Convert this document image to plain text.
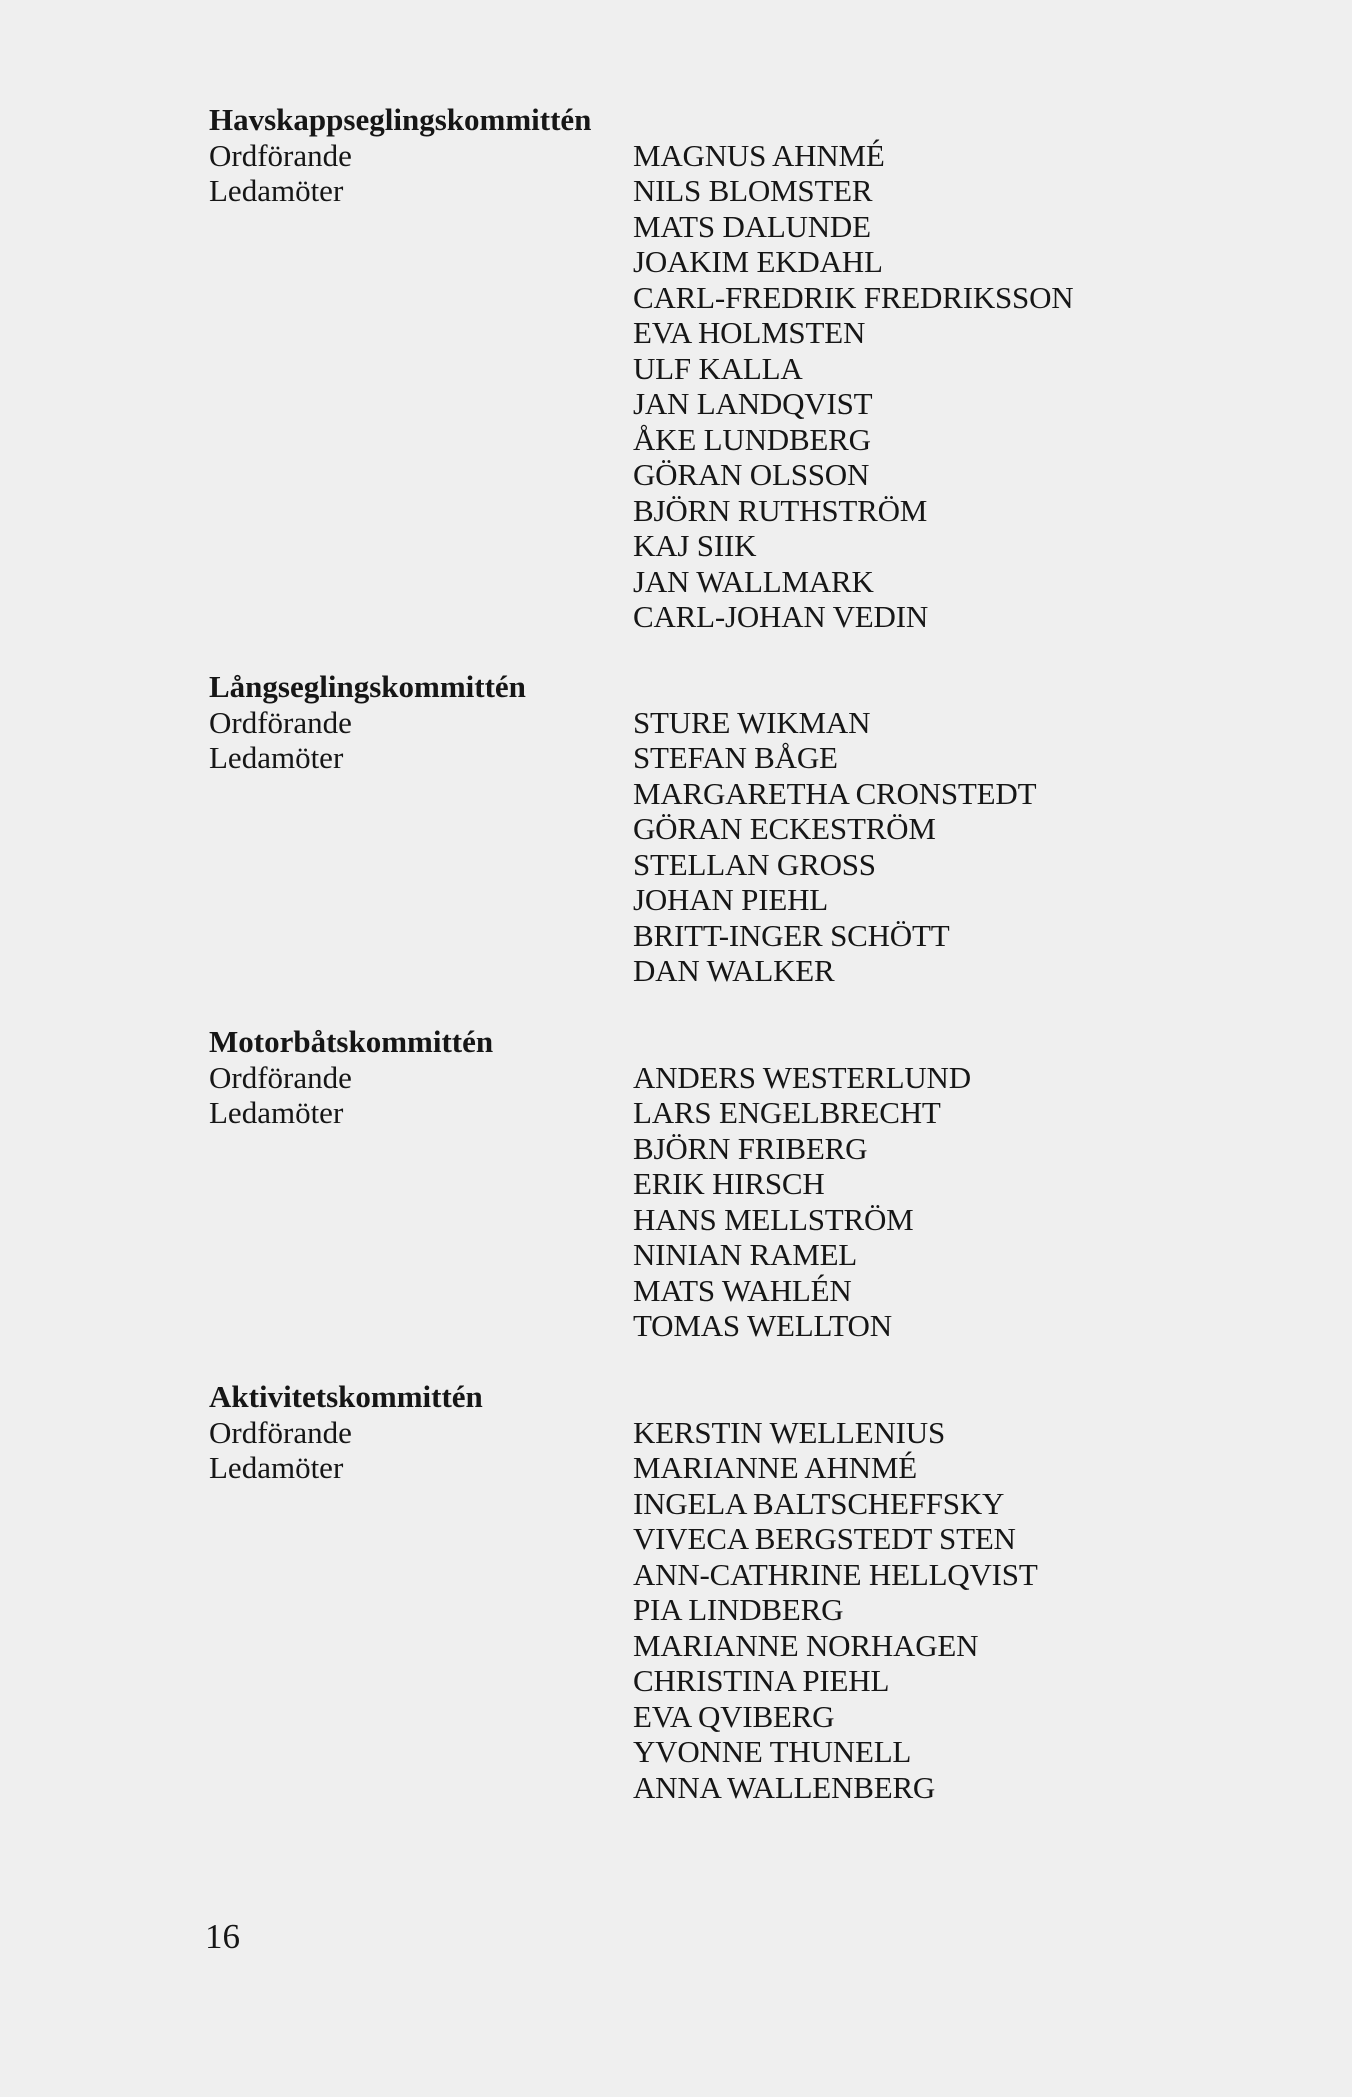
Havskappseglingskommittén
Ordförande	MAGNUS AHNMÉ
Ledamöter	NILS BLOMSTER
MATS DALUNDE
JOAKIM EKDAHL
CARL-FREDRIK FREDRIKSSON
EVA HOLMSTEN
ULF KALLA
JAN LANDQVIST
ÅKE LUNDBERG
GÖRAN OLSSON
BJÖRN RUTHSTRÖM
KAJ SIIK
JAN WALLMARK
CARL-JOHAN VEDIN
Långseglingskommittén
Ordförande	STURE WIKMAN
Ledamöter	STEFAN BÅGE
MARGARETHA CRONSTEDT
GÖRAN ECKESTRÖM
STELLAN GROSS
JOHAN PIEHL
BRITT-INGER SCHÖTT
DAN WALKER
Motorbåtskommittén
Ordförande	ANDERS WESTERLUND
Ledamöter	LARS ENGELBRECHT
BJÖRN FRIBERG
ERIK HIRSCH
HANS MELLSTRÖM
NINIAN RAMEL
MATS WAHLÉN
TOMAS WELLTON
Aktivitetskommittén
Ordförande	KERSTIN WELLENIUS
Ledamöter	MARIANNE AHNMÉ
INGELA BALTSCHEFFSKY
VIVECA BERGSTEDT STEN
ANN-CATHRINE HELLQVIST
PIA LINDBERG
MARIANNE NORHAGEN
CHRISTINA PIEHL
EVA QVIBERG
YVONNE THUNELL
ANNA WALLENBERG
16
